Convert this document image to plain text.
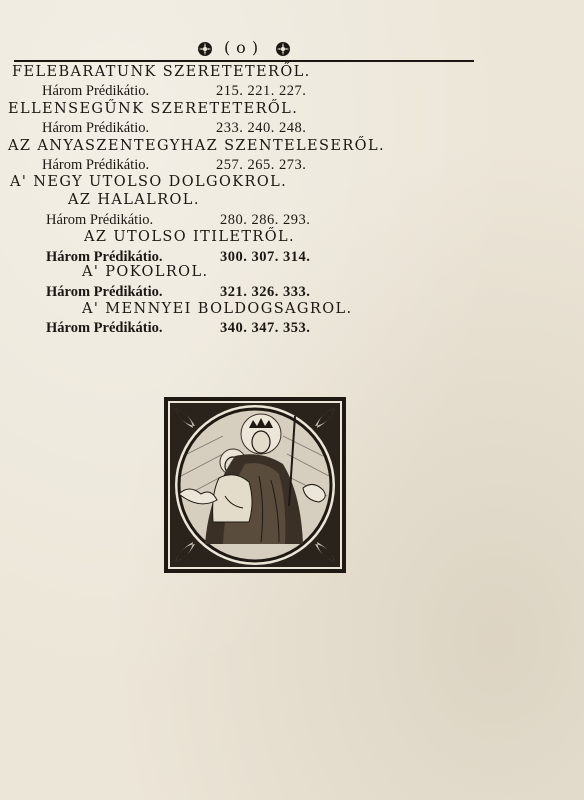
(o)
FELEBARATUNK SZERETETERŐL.
Három Prédikátio.	215. 221. 227.
ELLENSEGŰNK SZERETETERŐL.
Három Prédikátio.	233. 240. 248.
AZ ANYASZENTEGYHAZ SZENTELESERŐL.
Három Prédikátio.	257. 265. 273.
A' NEGY UTOLSO DOLGOKROL.
AZ HALALROL.
Három Prédikátio.	280. 286. 293.
AZ UTOLSO ITILETRŐL.
Három Prédikátio.	300. 307. 314.
A' POKOLROL.
Három Prédikátio.	321. 326. 333.
A' MENNYEI BOLDOGSAGROL.
Három Prédikátio.	340. 347. 353.
